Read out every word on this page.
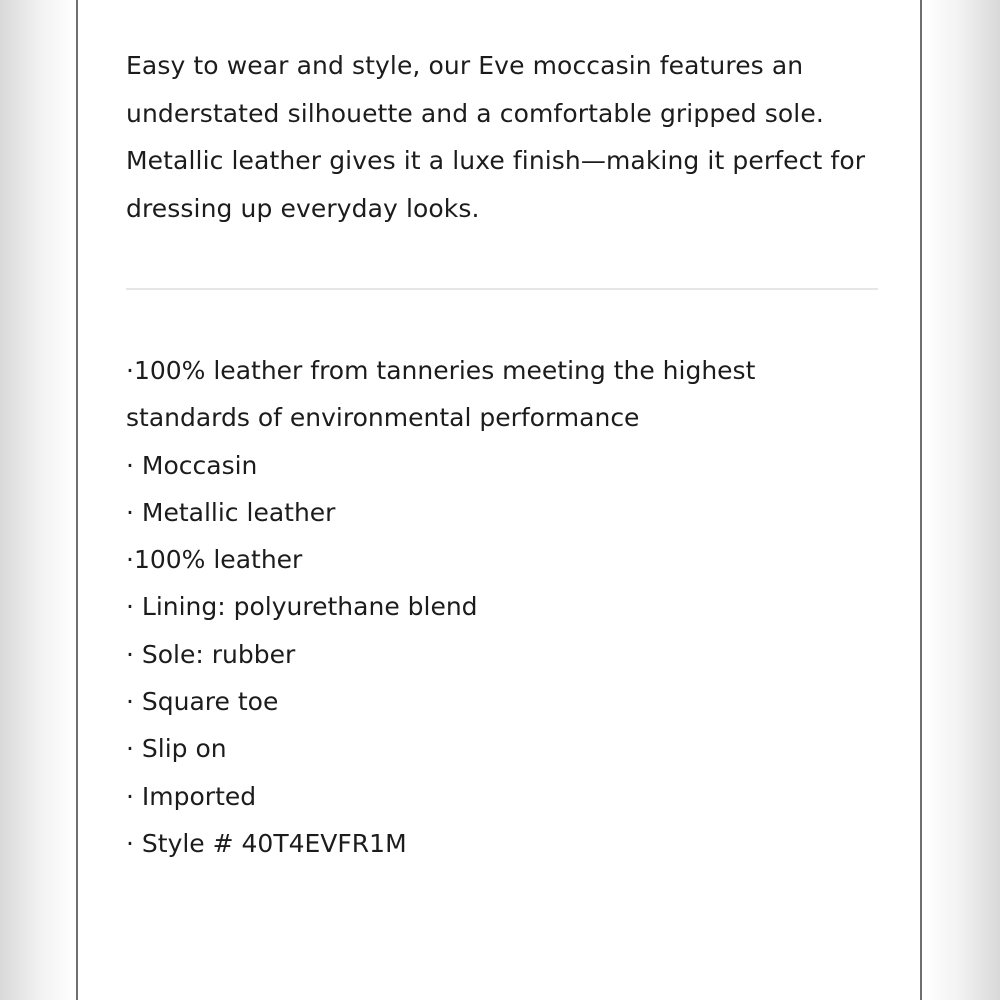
Easy to wear and style, our Eve moccasin features an understated silhouette and a comfortable gripped sole. Metallic leather gives it a luxe finish—making it perfect for dressing up everyday looks.

·100% leather from tanneries meeting the highest standards of environmental performance
· Moccasin
· Metallic leather
·100% leather
· Lining: polyurethane blend
· Sole: rubber
· Square toe
· Slip on
· Imported
· Style # 40T4EVFR1M
